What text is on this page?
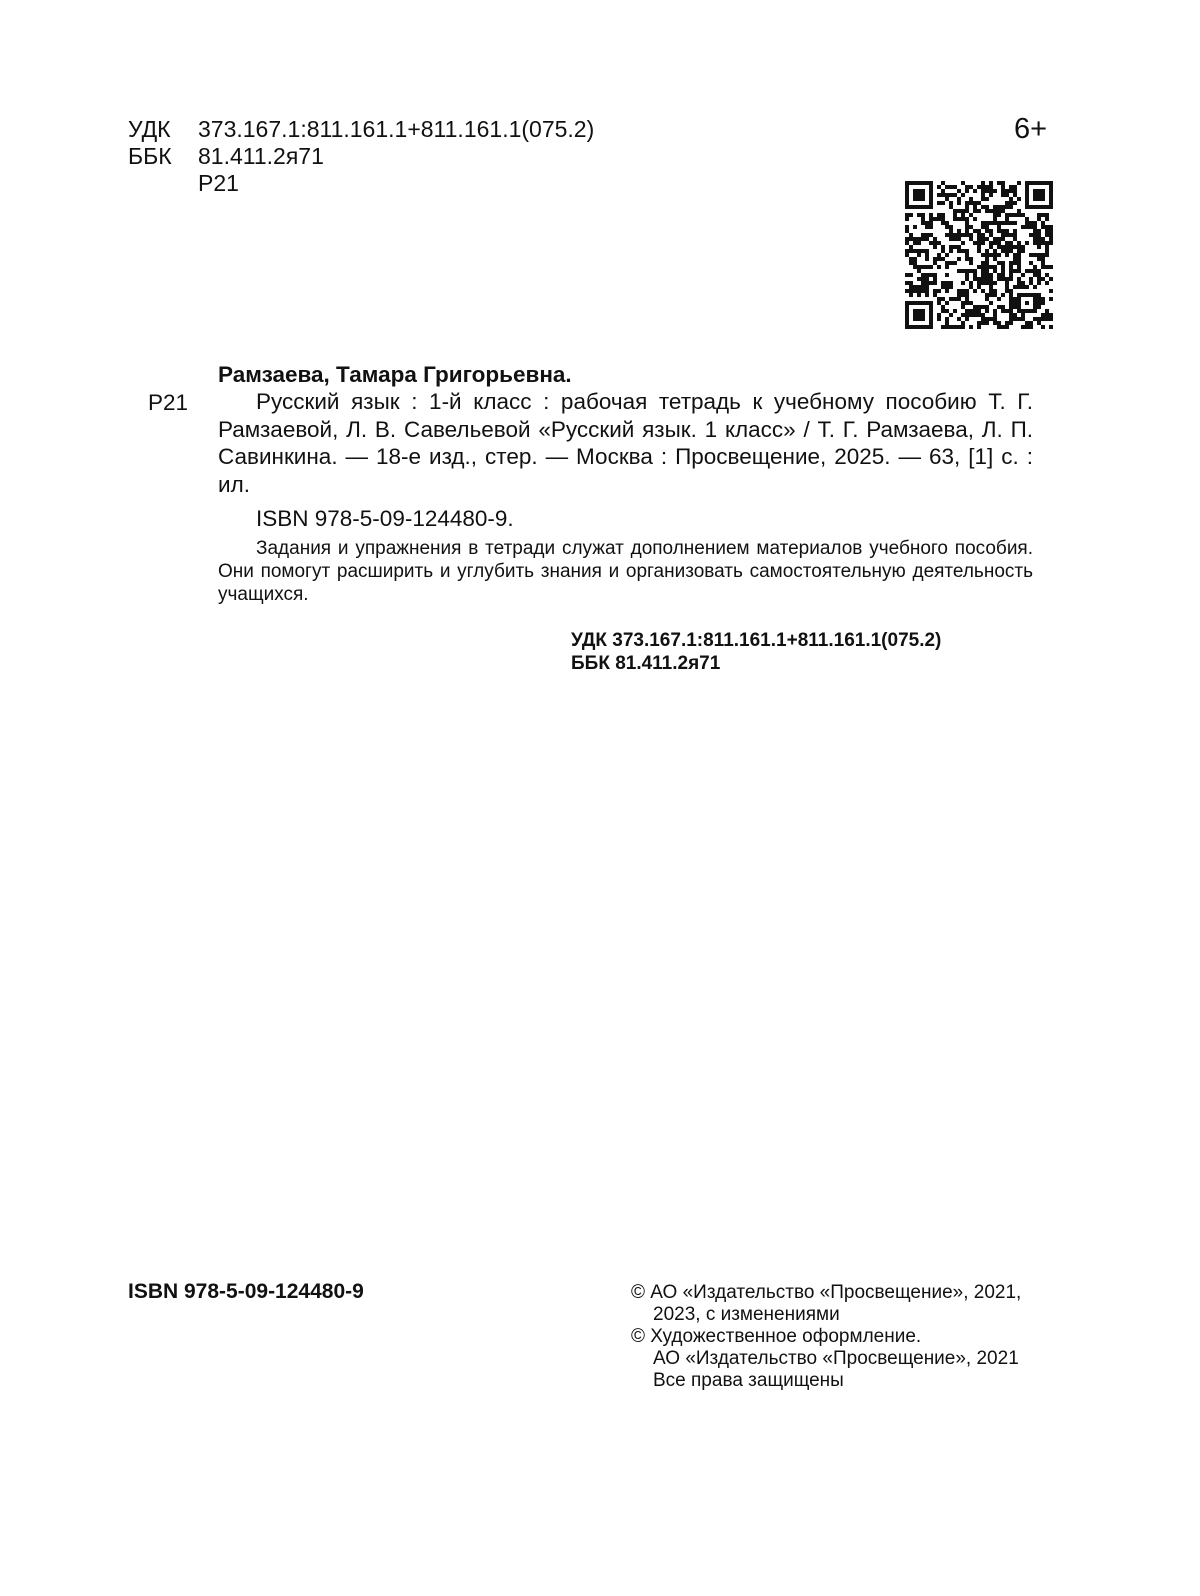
УДК 373.167.1:811.161.1+811.161.1(075.2)
ББК 81.411.2я71
Р21
6+
Рамзаева, Тамара Григорьевна.
Р21	Русский язык : 1-й класс : рабочая тетрадь к учебному пособию Т. Г. Рамзаевой, Л. В. Савельевой «Русский язык. 1 класс» / Т. Г. Рамзаева, Л. П. Савинкина. — 18-е изд., стер. — Москва : Просвещение, 2025. — 63, [1] с. : ил.
ISBN 978-5-09-124480-9.
Задания и упражнения в тетради служат дополнением материалов учебного пособия. Они помогут расширить и углубить знания и организовать самостоятельную деятельность учащихся.
УДК 373.167.1:811.161.1+811.161.1(075.2)
ББК 81.411.2я71
ISBN 978-5-09-124480-9	© АО «Издательство «Просвещение», 2021,
2023, с изменениями
© Художественное оформление.
АО «Издательство «Просвещение», 2021
Все права защищены
